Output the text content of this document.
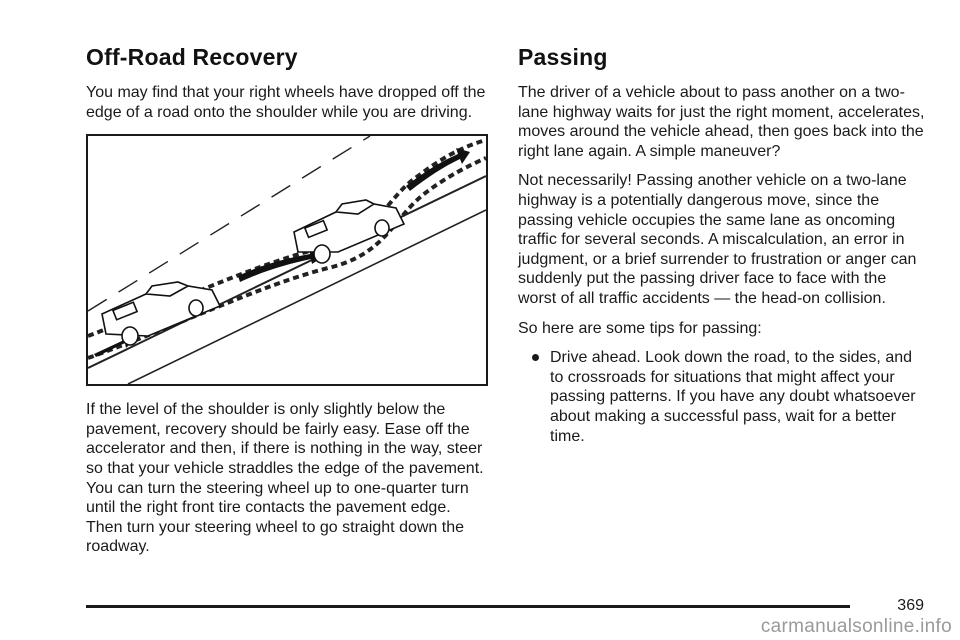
Off-Road Recovery

You may find that your right wheels have dropped off the edge of a road onto the shoulder while you are driving.

If the level of the shoulder is only slightly below the pavement, recovery should be fairly easy. Ease off the accelerator and then, if there is nothing in the way, steer so that your vehicle straddles the edge of the pavement. You can turn the steering wheel up to one-quarter turn until the right front tire contacts the pavement edge. Then turn your steering wheel to go straight down the roadway.

Passing

The driver of a vehicle about to pass another on a two-lane highway waits for just the right moment, accelerates, moves around the vehicle ahead, then goes back into the right lane again. A simple maneuver?

Not necessarily! Passing another vehicle on a two-lane highway is a potentially dangerous move, since the passing vehicle occupies the same lane as oncoming traffic for several seconds. A miscalculation, an error in judgment, or a brief surrender to frustration or anger can suddenly put the passing driver face to face with the worst of all traffic accidents — the head-on collision.

So here are some tips for passing:

Drive ahead. Look down the road, to the sides, and to crossroads for situations that might affect your passing patterns. If you have any doubt whatsoever about making a successful pass, wait for a better time.
369
carmanualsonline.info
